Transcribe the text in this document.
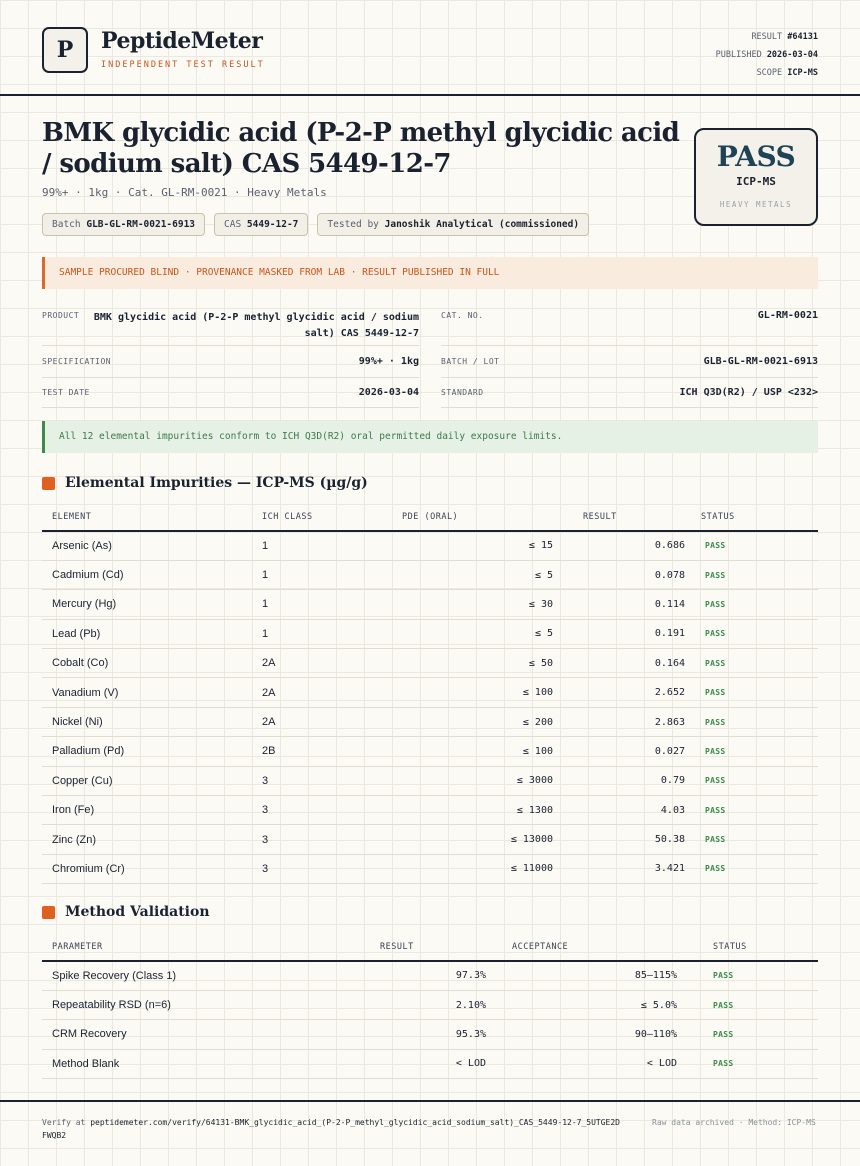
P	PeptideMeter
INDEPENDENT TEST RESULT
RESULT #64131
PUBLISHED 2026-03-04
SCOPE ICP-MS
BMK glycidic acid (P-2-P methyl glycidic acid / sodium salt) CAS 5449-12-7
99%+ · 1kg · Cat. GL-RM-0021 · Heavy Metals
Batch GLB-GL-RM-0021-6913	CAS 5449-12-7	Tested by Janoshik Analytical (commissioned)
PASS
ICP-MS
HEAVY METALS
SAMPLE PROCURED BLIND · PROVENANCE MASKED FROM LAB · RESULT PUBLISHED IN FULL
PRODUCT	BMK glycidic acid (P-2-P methyl glycidic acid / sodium
salt) CAS 5449-12-7
CAT. NO.	GL-RM-0021
SPECIFICATION	99%+ · 1kg	BATCH / LOT	GLB-GL-RM-0021-6913
TEST DATE	2026-03-04	STANDARD	ICH Q3D(R2) / USP <232>
All 12 elemental impurities conform to ICH Q3D(R2) oral permitted daily exposure limits.
Elemental Impurities — ICP-MS (µg/g)
ELEMENT	ICH CLASS	PDE (ORAL)	RESULT	STATUS
Arsenic (As)	1	≤ 15	0.686	PASS
Cadmium (Cd)	1	≤ 5	0.078	PASS
Mercury (Hg)	1	≤ 30	0.114	PASS
Lead (Pb)	1	≤ 5	0.191	PASS
Cobalt (Co)	2A	≤ 50	0.164	PASS
Vanadium (V)	2A	≤ 100	2.652	PASS
Nickel (Ni)	2A	≤ 200	2.863	PASS
Palladium (Pd)	2B	≤ 100	0.027	PASS
Copper (Cu)	3	≤ 3000	0.79	PASS
Iron (Fe)	3	≤ 1300	4.03	PASS
Zinc (Zn)	3	≤ 13000	50.38	PASS
Chromium (Cr)	3	≤ 11000	3.421	PASS
Method Validation
PARAMETER	RESULT	ACCEPTANCE	STATUS
Spike Recovery (Class 1)	97.3%	85–115%	PASS
Repeatability RSD (n=6)	2.10%	≤ 5.0%	PASS
CRM Recovery	95.3%	90–110%	PASS
Method Blank	< LOD	< LOD	PASS
Verify at peptidemeter.com/verify/64131-BMK_glycidic_acid_(P-2-P_methyl_glycidic_acid_sodium_salt)_CAS_5449-12-7_5UTGE2DFWQB2
Raw data archived · Method: ICP-MS
